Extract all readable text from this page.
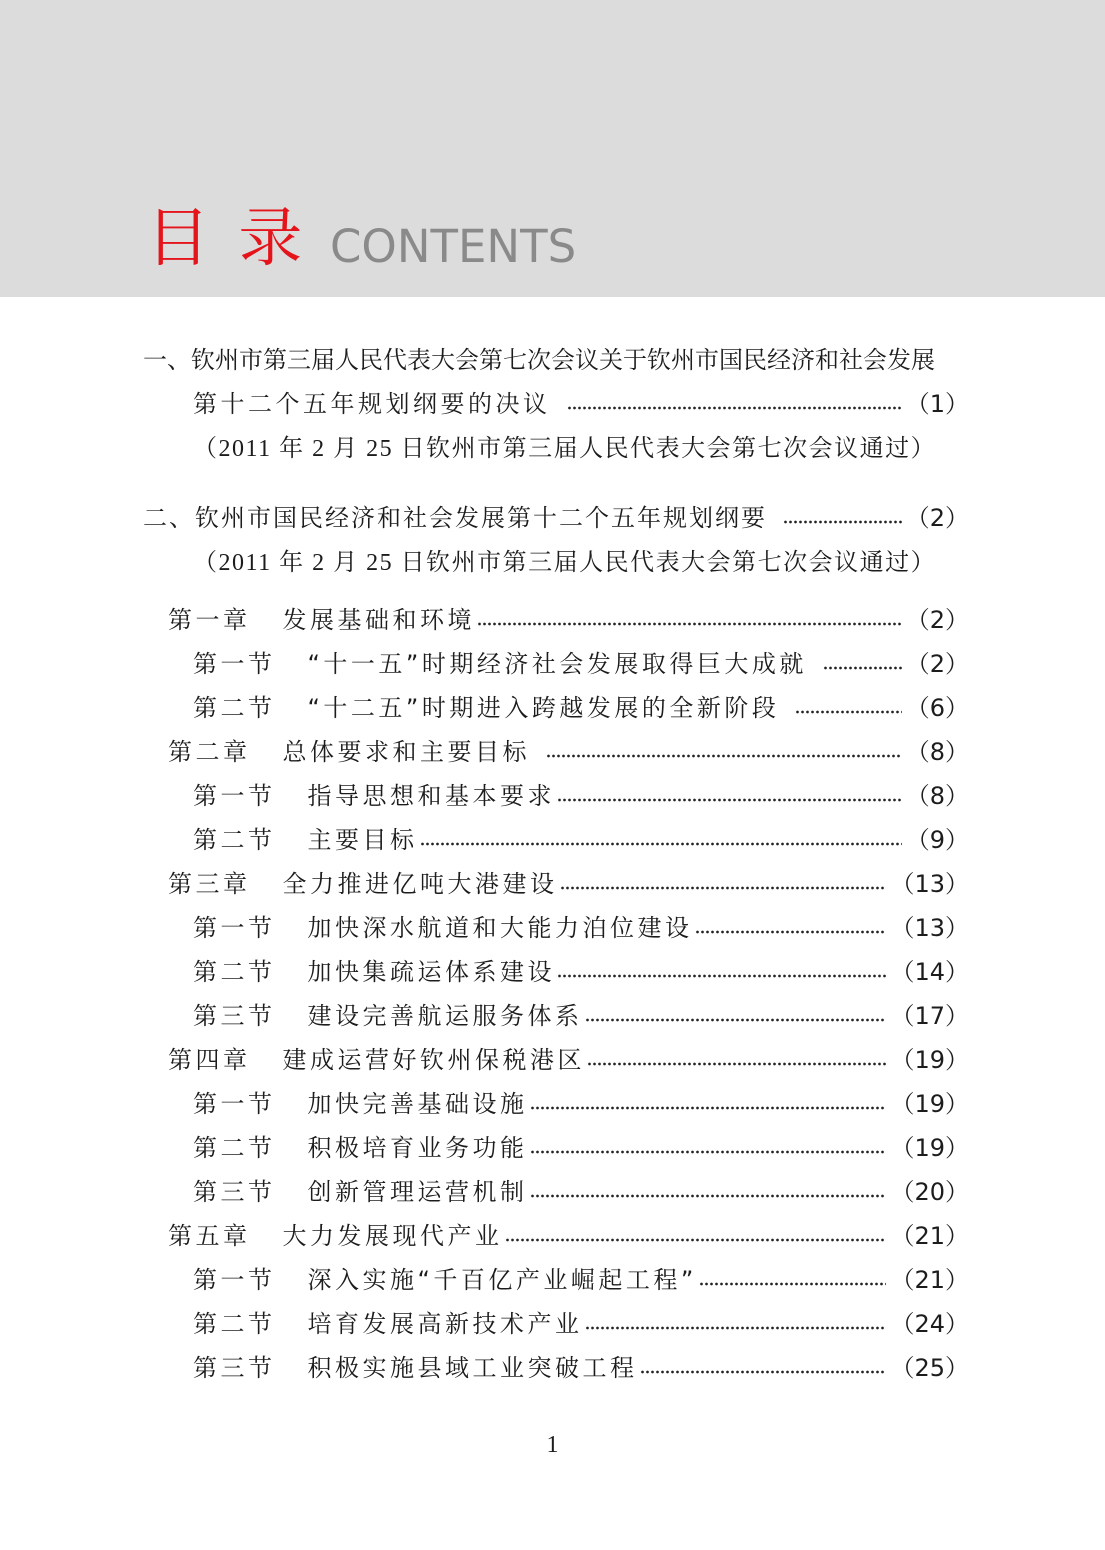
目 录 CONTENTS
一、 钦州市第三届人民代表大会第七次会议关于钦州市国民经济和社会发展
第十二个五年规划纲要的决议	（1）
（2011 年 2 月 25 日钦州市第三届人民代表大会第七次会议通过）
二、 钦州市国民经济和社会发展第十二个五年规划纲要	（2）
（2011 年 2 月 25 日钦州市第三届人民代表大会第七次会议通过）
第一章 发展基础和环境	（2）
第一节 “十一五”时期经济社会发展取得巨大成就	（2）
第二节 “十二五”时期进入跨越发展的全新阶段	（6）
第二章 总体要求和主要目标	（8）
第一节 指导思想和基本要求	（8）
第二节 主要目标	（9）
第三章 全力推进亿吨大港建设	（13）
第一节 加快深水航道和大能力泊位建设	（13）
第二节 加快集疏运体系建设	（14）
第三节 建设完善航运服务体系	（17）
第四章 建成运营好钦州保税港区	（19）
第一节 加快完善基础设施	（19）
第二节 积极培育业务功能	（19）
第三节 创新管理运营机制	（20）
第五章 大力发展现代产业	（21）
第一节 深入实施“千百亿产业崛起工程”	（21）
第二节 培育发展高新技术产业	（24）
第三节 积极实施县域工业突破工程	（25）
1
